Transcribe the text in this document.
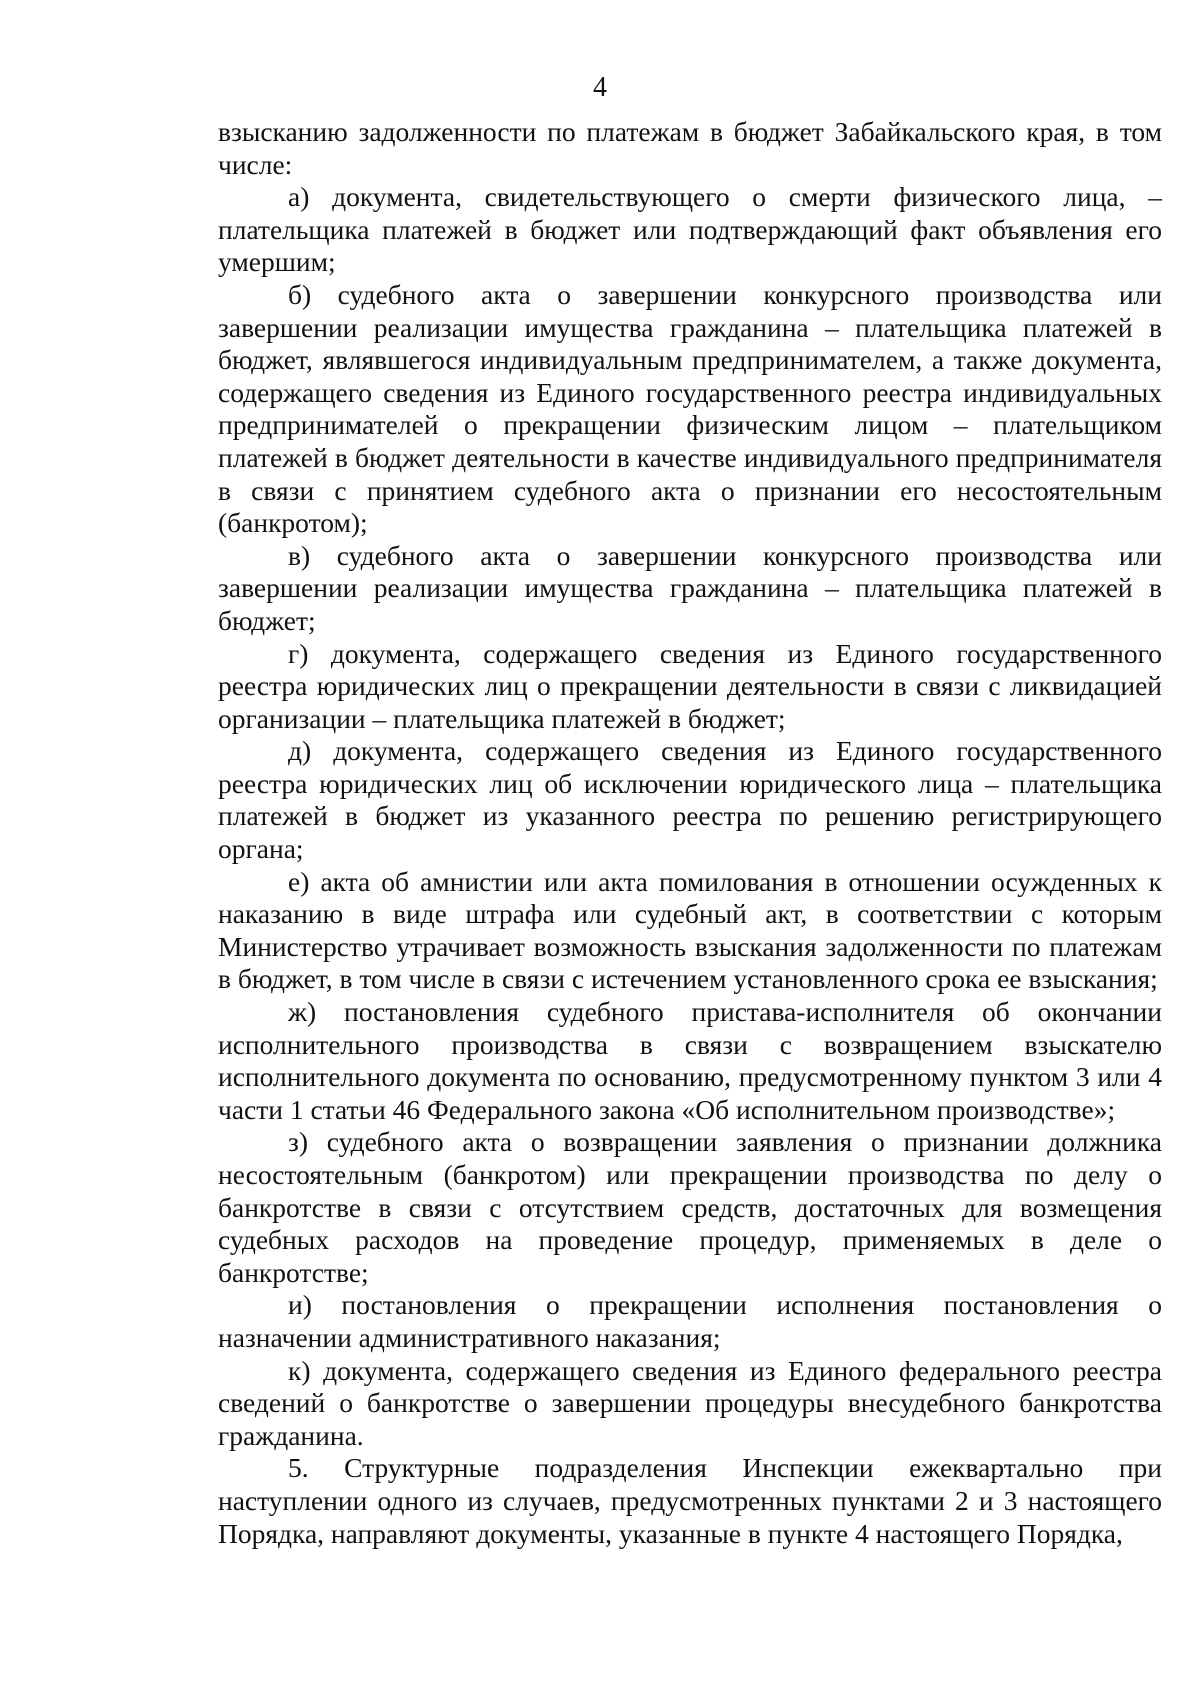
4

взысканию задолженности по платежам в бюджет Забайкальского края, в том числе:

а) документа, свидетельствующего о смерти физического лица, – плательщика платежей в бюджет или подтверждающий факт объявления его умершим;

б) судебного акта о завершении конкурсного производства или завершении реализации имущества гражданина – плательщика платежей в бюджет, являвшегося индивидуальным предпринимателем, а также документа, содержащего сведения из Единого государственного реестра индивидуальных предпринимателей о прекращении физическим лицом – плательщиком платежей в бюджет деятельности в качестве индивидуального предпринимателя в связи с принятием судебного акта о признании его несостоятельным (банкротом);

в) судебного акта о завершении конкурсного производства или завершении реализации имущества гражданина – плательщика платежей в бюджет;

г) документа, содержащего сведения из Единого государственного реестра юридических лиц о прекращении деятельности в связи с ликвидацией организации – плательщика платежей в бюджет;

д) документа, содержащего сведения из Единого государственного реестра юридических лиц об исключении юридического лица – плательщика платежей в бюджет из указанного реестра по решению регистрирующего органа;

е) акта об амнистии или акта помилования в отношении осужденных к наказанию в виде штрафа или судебный акт, в соответствии с которым Министерство утрачивает возможность взыскания задолженности по платежам в бюджет, в том числе в связи с истечением установленного срока ее взыскания;

ж) постановления судебного пристава-исполнителя об окончании исполнительного производства в связи с возвращением взыскателю исполнительного документа по основанию, предусмотренному пунктом 3 или 4 части 1 статьи 46 Федерального закона «Об исполнительном производстве»;

з) судебного акта о возвращении заявления о признании должника несостоятельным (банкротом) или прекращении производства по делу о банкротстве в связи с отсутствием средств, достаточных для возмещения судебных расходов на проведение процедур, применяемых в деле о банкротстве;

и) постановления о прекращении исполнения постановления о назначении административного наказания;

к) документа, содержащего сведения из Единого федерального реестра сведений о банкротстве о завершении процедуры внесудебного банкротства гражданина.

5. Структурные подразделения Инспекции ежеквартально при наступлении одного из случаев, предусмотренных пунктами 2 и 3 настоящего Порядка, направляют документы, указанные в пункте 4 настоящего Порядка,
